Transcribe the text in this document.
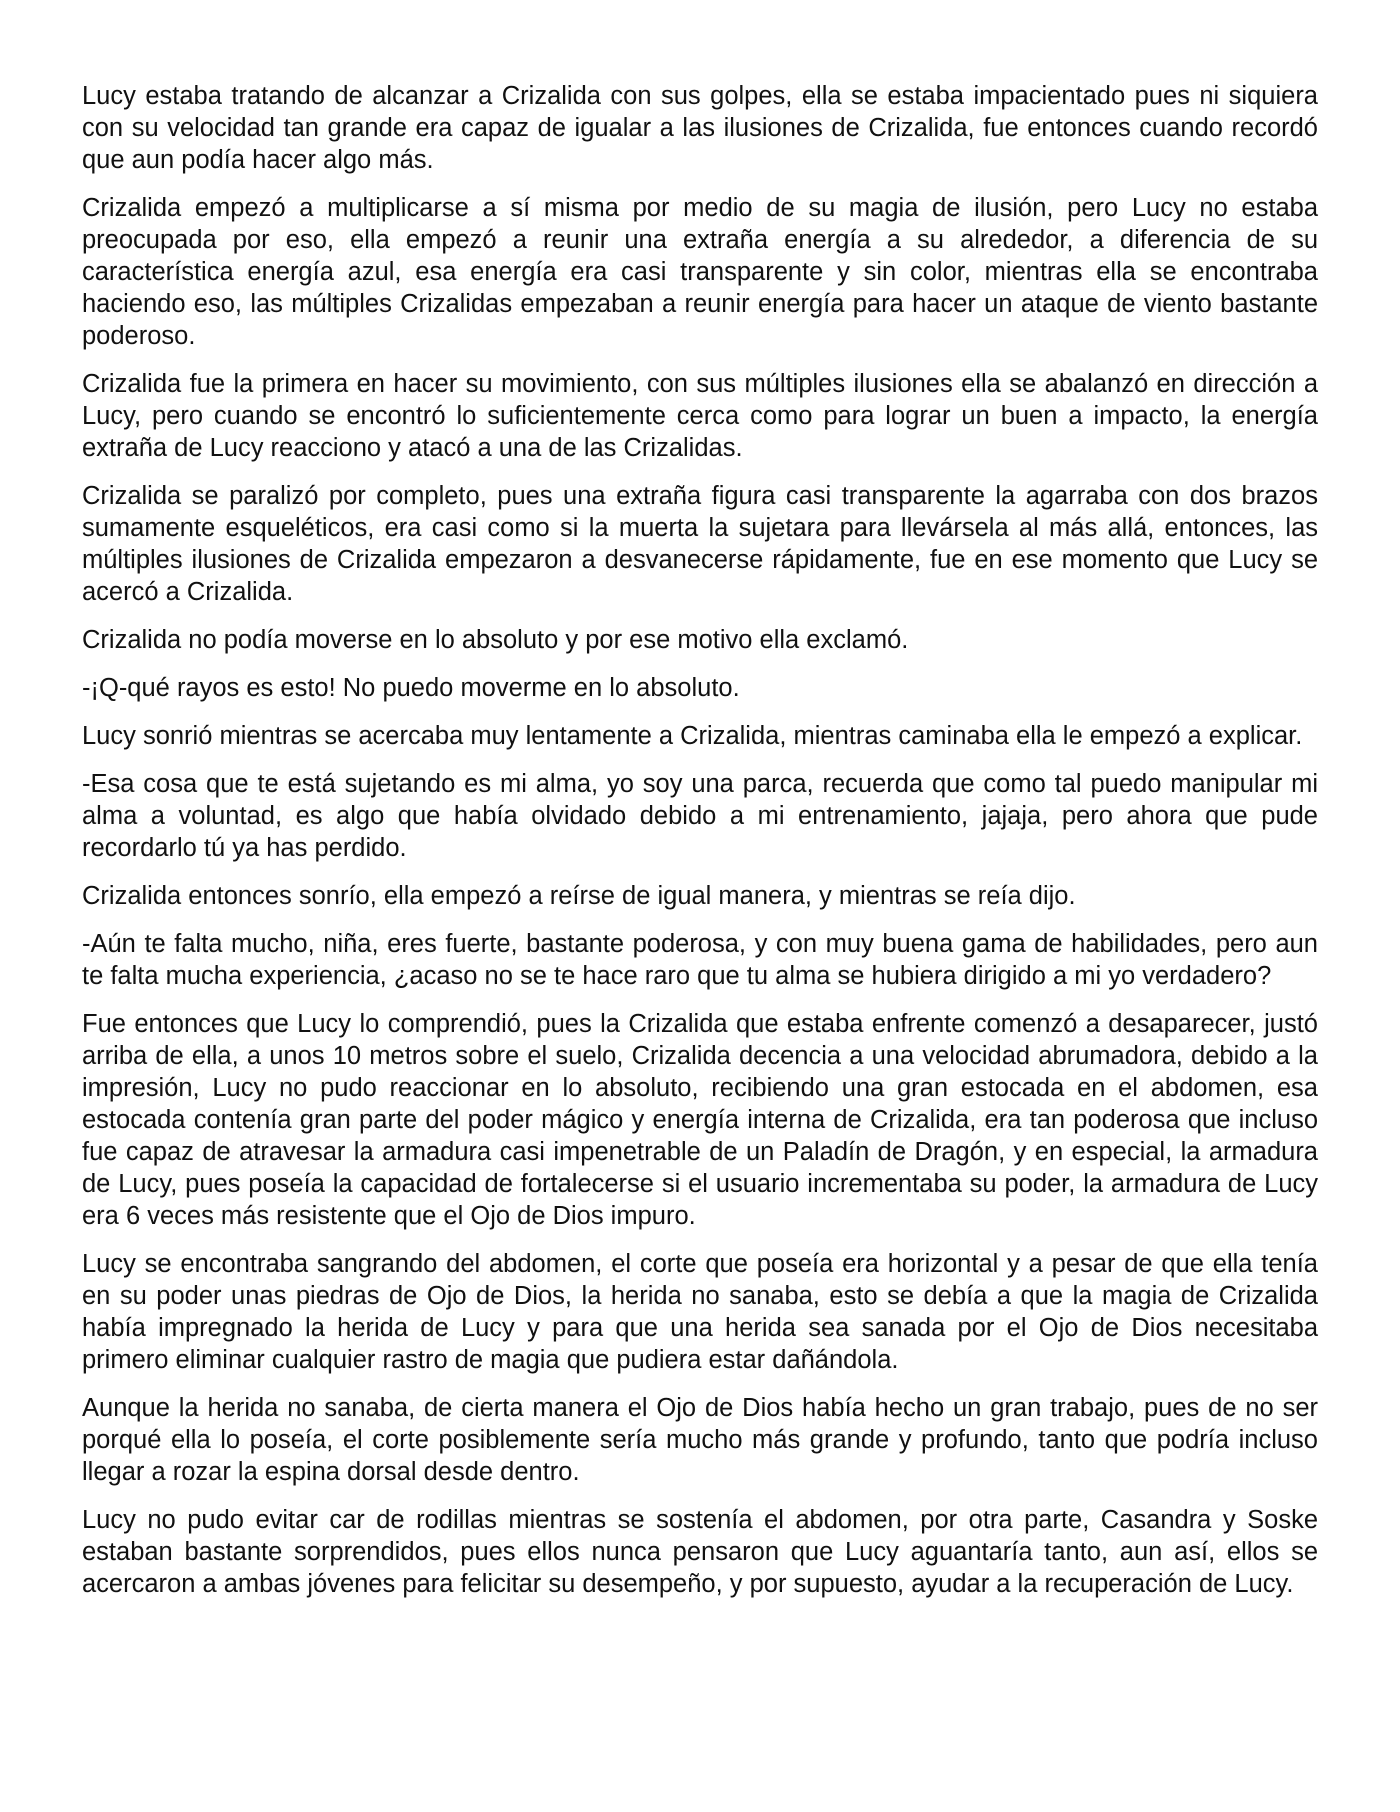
Lucy estaba tratando de alcanzar a Crizalida con sus golpes, ella se estaba impacientado pues ni siquiera con su velocidad tan grande era capaz de igualar a las ilusiones de Crizalida, fue entonces cuando recordó que aun podía hacer algo más.

Crizalida empezó a multiplicarse a sí misma por medio de su magia de ilusión, pero Lucy no estaba preocupada por eso, ella empezó a reunir una extraña energía a su alrededor, a diferencia de su característica energía azul, esa energía era casi transparente y sin color, mientras ella se encontraba haciendo eso, las múltiples Crizalidas empezaban a reunir energía para hacer un ataque de viento bastante poderoso.

Crizalida fue la primera en hacer su movimiento, con sus múltiples ilusiones ella se abalanzó en dirección a Lucy, pero cuando se encontró lo suficientemente cerca como para lograr un buen a impacto, la energía extraña de Lucy reacciono y atacó a una de las Crizalidas.

Crizalida se paralizó por completo, pues una extraña figura casi transparente la agarraba con dos brazos sumamente esqueléticos, era casi como si la muerta la sujetara para llevársela al más allá, entonces, las múltiples ilusiones de Crizalida empezaron a desvanecerse rápidamente, fue en ese momento que Lucy se acercó a Crizalida.

Crizalida no podía moverse en lo absoluto y por ese motivo ella exclamó.

-¡Q-qué rayos es esto! No puedo moverme en lo absoluto.

Lucy sonrió mientras se acercaba muy lentamente a Crizalida, mientras caminaba ella le empezó a explicar.

-Esa cosa que te está sujetando es mi alma, yo soy una parca, recuerda que como tal puedo manipular mi alma a voluntad, es algo que había olvidado debido a mi entrenamiento, jajaja, pero ahora que pude recordarlo tú ya has perdido.

Crizalida entonces sonrío, ella empezó a reírse de igual manera, y mientras se reía dijo.

-Aún te falta mucho, niña, eres fuerte, bastante poderosa, y con muy buena gama de habilidades, pero aun te falta mucha experiencia, ¿acaso no se te hace raro que tu alma se hubiera dirigido a mi yo verdadero?

Fue entonces que Lucy lo comprendió, pues la Crizalida que estaba enfrente comenzó a desaparecer, justó arriba de ella, a unos 10 metros sobre el suelo, Crizalida decencia a una velocidad abrumadora, debido a la impresión, Lucy no pudo reaccionar en lo absoluto, recibiendo una gran estocada en el abdomen, esa estocada contenía gran parte del poder mágico y energía interna de Crizalida, era tan poderosa que incluso fue capaz de atravesar la armadura casi impenetrable de un Paladín de Dragón, y en especial, la armadura de Lucy, pues poseía la capacidad de fortalecerse si el usuario incrementaba su poder, la armadura de Lucy era 6 veces más resistente que el Ojo de Dios impuro.

Lucy se encontraba sangrando del abdomen, el corte que poseía era horizontal y a pesar de que ella tenía en su poder unas piedras de Ojo de Dios, la herida no sanaba, esto se debía a que la magia de Crizalida había impregnado la herida de Lucy y para que una herida sea sanada por el Ojo de Dios necesitaba primero eliminar cualquier rastro de magia que pudiera estar dañándola.

Aunque la herida no sanaba, de cierta manera el Ojo de Dios había hecho un gran trabajo, pues de no ser porqué ella lo poseía, el corte posiblemente sería mucho más grande y profundo, tanto que podría incluso llegar a rozar la espina dorsal desde dentro.

Lucy no pudo evitar car de rodillas mientras se sostenía el abdomen, por otra parte, Casandra y Soske estaban bastante sorprendidos, pues ellos nunca pensaron que Lucy aguantaría tanto, aun así, ellos se acercaron a ambas jóvenes para felicitar su desempeño, y por supuesto, ayudar a la recuperación de Lucy.
